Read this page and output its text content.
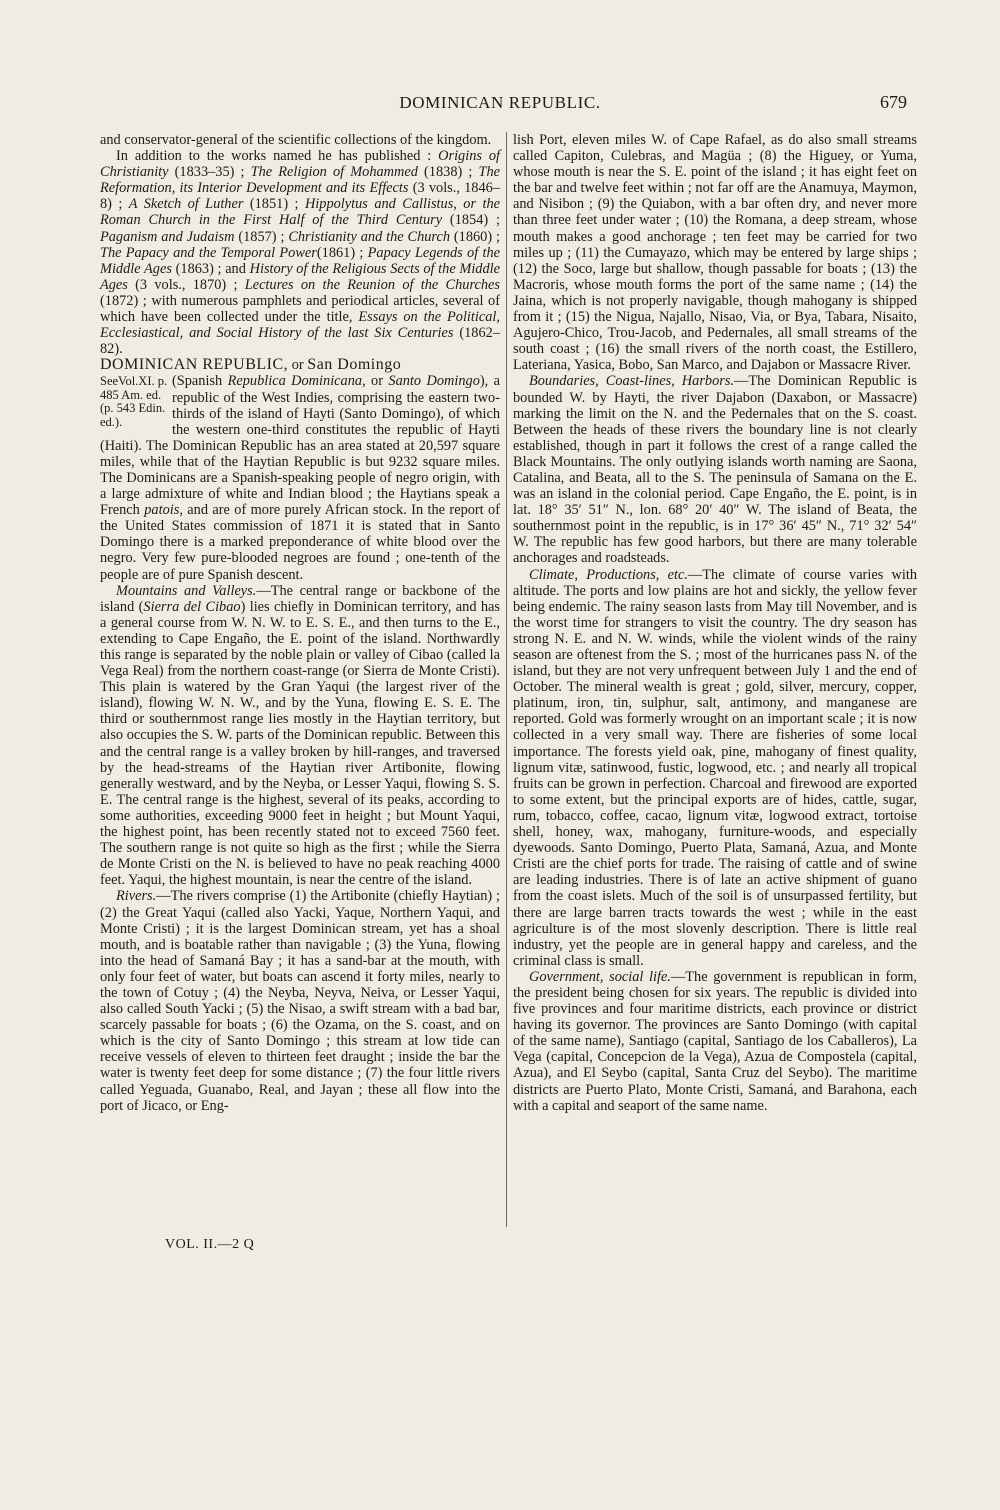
DOMINICAN REPUBLIC.	679

and conservator-general of the scientific collections of the kingdom.

In addition to the works named he has published : Origins of Christianity (1833–35) ; The Religion of Mohammed (1838) ; The Reformation, its Interior Development and its Effects (3 vols., 1846–8) ; A Sketch of Luther (1851) ; Hippolytus and Callistus, or the Roman Church in the First Half of the Third Century (1854) ; Paganism and Judaism (1857) ; Christianity and the Church (1860) ; The Papacy and the Temporal Power(1861) ; Papacy Legends of the Middle Ages (1863) ; and History of the Religious Sects of the Middle Ages (3 vols., 1870) ; Lectures on the Reunion of the Churches (1872) ; with numerous pamphlets and periodical articles, several of which have been collected under the title, Essays on the Political, Ecclesiastical, and Social History of the last Six Centuries (1862–82).

DOMINICAN REPUBLIC, or San Domingo

SeeVol.XI. p. 485 Am. ed. (p. 543 Edin. ed.).
(Spanish Republica Dominicana, or Santo Domingo), a republic of the West Indies, comprising the eastern two-thirds of the island of Hayti (Santo Domingo), of which the western one-third constitutes the republic of Hayti (Haiti). The Dominican Republic has an area stated at 20,597 square miles, while that of the Haytian Republic is but 9232 square miles. The Dominicans are a Spanish-speaking people of negro origin, with a large admixture of white and Indian blood ; the Haytians speak a French patois, and are of more purely African stock. In the report of the United States commission of 1871 it is stated that in Santo Domingo there is a marked preponderance of white blood over the negro. Very few pure-blooded negroes are found ; one-tenth of the people are of pure Spanish descent.

Mountains and Valleys.—The central range or backbone of the island (Sierra del Cibao) lies chiefly in Dominican territory, and has a general course from W. N. W. to E. S. E., and then turns to the E., extending to Cape Engaño, the E. point of the island. Northwardly this range is separated by the noble plain or valley of Cibao (called la Vega Real) from the northern coast-range (or Sierra de Monte Cristi). This plain is watered by the Gran Yaqui (the largest river of the island), flowing W. N. W., and by the Yuna, flowing E. S. E. The third or southernmost range lies mostly in the Haytian territory, but also occupies the S. W. parts of the Dominican republic. Between this and the central range is a valley broken by hill-ranges, and traversed by the head-streams of the Haytian river Artibonite, flowing generally westward, and by the Neyba, or Lesser Yaqui, flowing S. S. E. The central range is the highest, several of its peaks, according to some authorities, exceeding 9000 feet in height ; but Mount Yaqui, the highest point, has been recently stated not to exceed 7560 feet. The southern range is not quite so high as the first ; while the Sierra de Monte Cristi on the N. is believed to have no peak reaching 4000 feet. Yaqui, the highest mountain, is near the centre of the island.

Rivers.—The rivers comprise (1) the Artibonite (chiefly Haytian) ; (2) the Great Yaqui (called also Yacki, Yaque, Northern Yaqui, and Monte Cristi) ; it is the largest Dominican stream, yet has a shoal mouth, and is boatable rather than navigable ; (3) the Yuna, flowing into the head of Samaná Bay ; it has a sand-bar at the mouth, with only four feet of water, but boats can ascend it forty miles, nearly to the town of Cotuy ; (4) the Neyba, Neyva, Neiva, or Lesser Yaqui, also called South Yacki ; (5) the Nisao, a swift stream with a bad bar, scarcely passable for boats ; (6) the Ozama, on the S. coast, and on which is the city of Santo Domingo ; this stream at low tide can receive vessels of eleven to thirteen feet draught ; inside the bar the water is twenty feet deep for some distance ; (7) the four little rivers called Yeguada, Guanabo, Real, and Jayan ; these all flow into the port of Jicaco, or Eng-

lish Port, eleven miles W. of Cape Rafael, as do also small streams called Capiton, Culebras, and Magüa ; (8) the Higuey, or Yuma, whose mouth is near the S. E. point of the island ; it has eight feet on the bar and twelve feet within ; not far off are the Anamuya, Maymon, and Nisibon ; (9) the Quiabon, with a bar often dry, and never more than three feet under water ; (10) the Romana, a deep stream, whose mouth makes a good anchorage ; ten feet may be carried for two miles up ; (11) the Cumayazo, which may be entered by large ships ; (12) the Soco, large but shallow, though passable for boats ; (13) the Macroris, whose mouth forms the port of the same name ; (14) the Jaina, which is not properly navigable, though mahogany is shipped from it ; (15) the Nigua, Najallo, Nisao, Via, or Bya, Tabara, Nisaito, Agujero-Chico, Trou-Jacob, and Pedernales, all small streams of the south coast ; (16) the small rivers of the north coast, the Estillero, Lateriana, Yasica, Bobo, San Marco, and Dajabon or Massacre River.

Boundaries, Coast-lines, Harbors.—The Dominican Republic is bounded W. by Hayti, the river Dajabon (Daxabon, or Massacre) marking the limit on the N. and the Pedernales that on the S. coast. Between the heads of these rivers the boundary line is not clearly established, though in part it follows the crest of a range called the Black Mountains. The only outlying islands worth naming are Saona, Catalina, and Beata, all to the S. The peninsula of Samana on the E. was an island in the colonial period. Cape Engaño, the E. point, is in lat. 18° 35′ 51″ N., lon. 68° 20′ 40″ W. The island of Beata, the southernmost point in the republic, is in 17° 36′ 45″ N., 71° 32′ 54″ W. The republic has few good harbors, but there are many tolerable anchorages and roadsteads.

Climate, Productions, etc.—The climate of course varies with altitude. The ports and low plains are hot and sickly, the yellow fever being endemic. The rainy season lasts from May till November, and is the worst time for strangers to visit the country. The dry season has strong N. E. and N. W. winds, while the violent winds of the rainy season are oftenest from the S. ; most of the hurricanes pass N. of the island, but they are not very unfrequent between July 1 and the end of October. The mineral wealth is great ; gold, silver, mercury, copper, platinum, iron, tin, sulphur, salt, antimony, and manganese are reported. Gold was formerly wrought on an important scale ; it is now collected in a very small way. There are fisheries of some local importance. The forests yield oak, pine, mahogany of finest quality, lignum vitæ, satinwood, fustic, logwood, etc. ; and nearly all tropical fruits can be grown in perfection. Charcoal and firewood are exported to some extent, but the principal exports are of hides, cattle, sugar, rum, tobacco, coffee, cacao, lignum vitæ, logwood extract, tortoise shell, honey, wax, mahogany, furniture-woods, and especially dyewoods. Santo Domingo, Puerto Plata, Samaná, Azua, and Monte Cristi are the chief ports for trade. The raising of cattle and of swine are leading industries. There is of late an active shipment of guano from the coast islets. Much of the soil is of unsurpassed fertility, but there are large barren tracts towards the west ; while in the east agriculture is of the most slovenly description. There is little real industry, yet the people are in general happy and careless, and the criminal class is small.

Government, social life.—The government is republican in form, the president being chosen for six years. The republic is divided into five provinces and four maritime districts, each province or district having its governor. The provinces are Santo Domingo (with capital of the same name), Santiago (capital, Santiago de los Caballeros), La Vega (capital, Concepcion de la Vega), Azua de Compostela (capital, Azua), and El Seybo (capital, Santa Cruz del Seybo). The maritime districts are Puerto Plato, Monte Cristi, Samaná, and Barahona, each with a capital and seaport of the same name.

VOL. II.—2 Q
